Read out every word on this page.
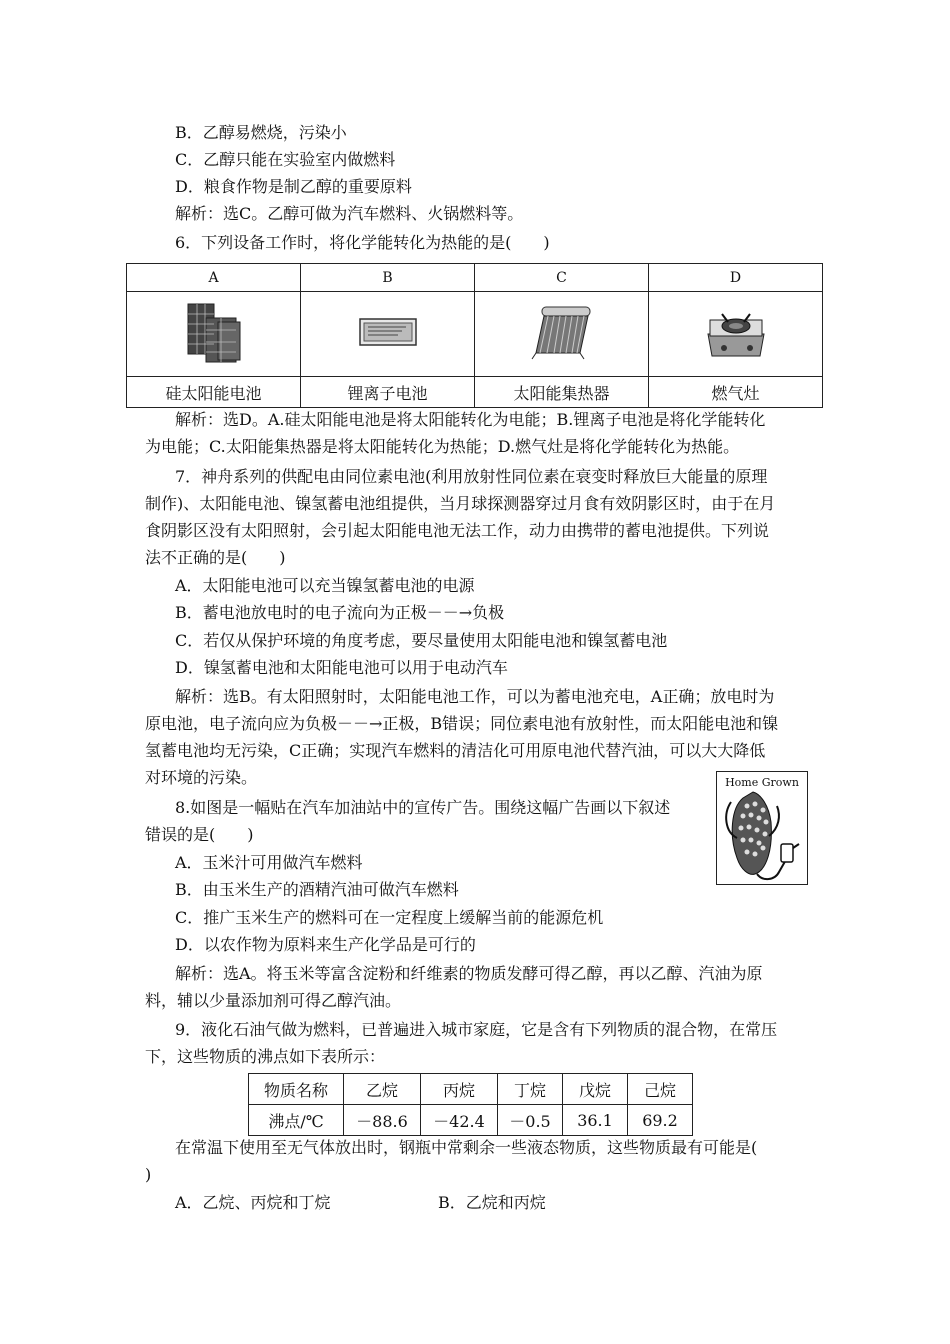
B．乙醇易燃烧，污染小
C．乙醇只能在实验室内做燃料
D．粮食作物是制乙醇的重要原料
解析：选C。乙醇可做为汽车燃料、火锅燃料等。
6．下列设备工作时，将化学能转化为热能的是(　　)
A	B	C	D

硅太阳能电池	锂离子电池	太阳能集热器	燃气灶
解析：选D。A.硅太阳能电池是将太阳能转化为电能；B.锂离子电池是将化学能转化
为电能；C.太阳能集热器是将太阳能转化为热能；D.燃气灶是将化学能转化为热能。
7．神舟系列的供配电由同位素电池(利用放射性同位素在衰变时释放巨大能量的原理
制作)、太阳能电池、镍氢蓄电池组提供，当月球探测器穿过月食有效阴影区时，由于在月
食阴影区没有太阳照射，会引起太阳能电池无法工作，动力由携带的蓄电池提供。下列说
法不正确的是(　　)
A．太阳能电池可以充当镍氢蓄电池的电源
B．蓄电池放电时的电子流向为正极－－→负极
C．若仅从保护环境的角度考虑，要尽量使用太阳能电池和镍氢蓄电池
D．镍氢蓄电池和太阳能电池可以用于电动汽车
解析：选B。有太阳照射时，太阳能电池工作，可以为蓄电池充电，A正确；放电时为
原电池，电子流向应为负极－－→正极，B错误；同位素电池有放射性，而太阳能电池和镍
氢蓄电池均无污染，C正确；实现汽车燃料的清洁化可用原电池代替汽油，可以大大降低
对环境的污染。	Home Grown
8.如图是一幅贴在汽车加油站中的宣传广告。围绕这幅广告画以下叙述
错误的是(　　)
A．玉米汁可用做汽车燃料
B．由玉米生产的酒精汽油可做汽车燃料
C．推广玉米生产的燃料可在一定程度上缓解当前的能源危机
D．以农作物为原料来生产化学品是可行的
解析：选A。将玉米等富含淀粉和纤维素的物质发酵可得乙醇，再以乙醇、汽油为原
料，辅以少量添加剂可得乙醇汽油。
9．液化石油气做为燃料，已普遍进入城市家庭，它是含有下列物质的混合物，在常压
下，这些物质的沸点如下表所示：
物质名称	乙烷	丙烷	丁烷	戊烷	己烷
沸点/℃	－88.6	－42.4	－0.5	36.1	69.2
在常温下使用至无气体放出时，钢瓶中常剩余一些液态物质，这些物质最有可能是(
)
A．乙烷、丙烷和丁烷	B．乙烷和丙烷
